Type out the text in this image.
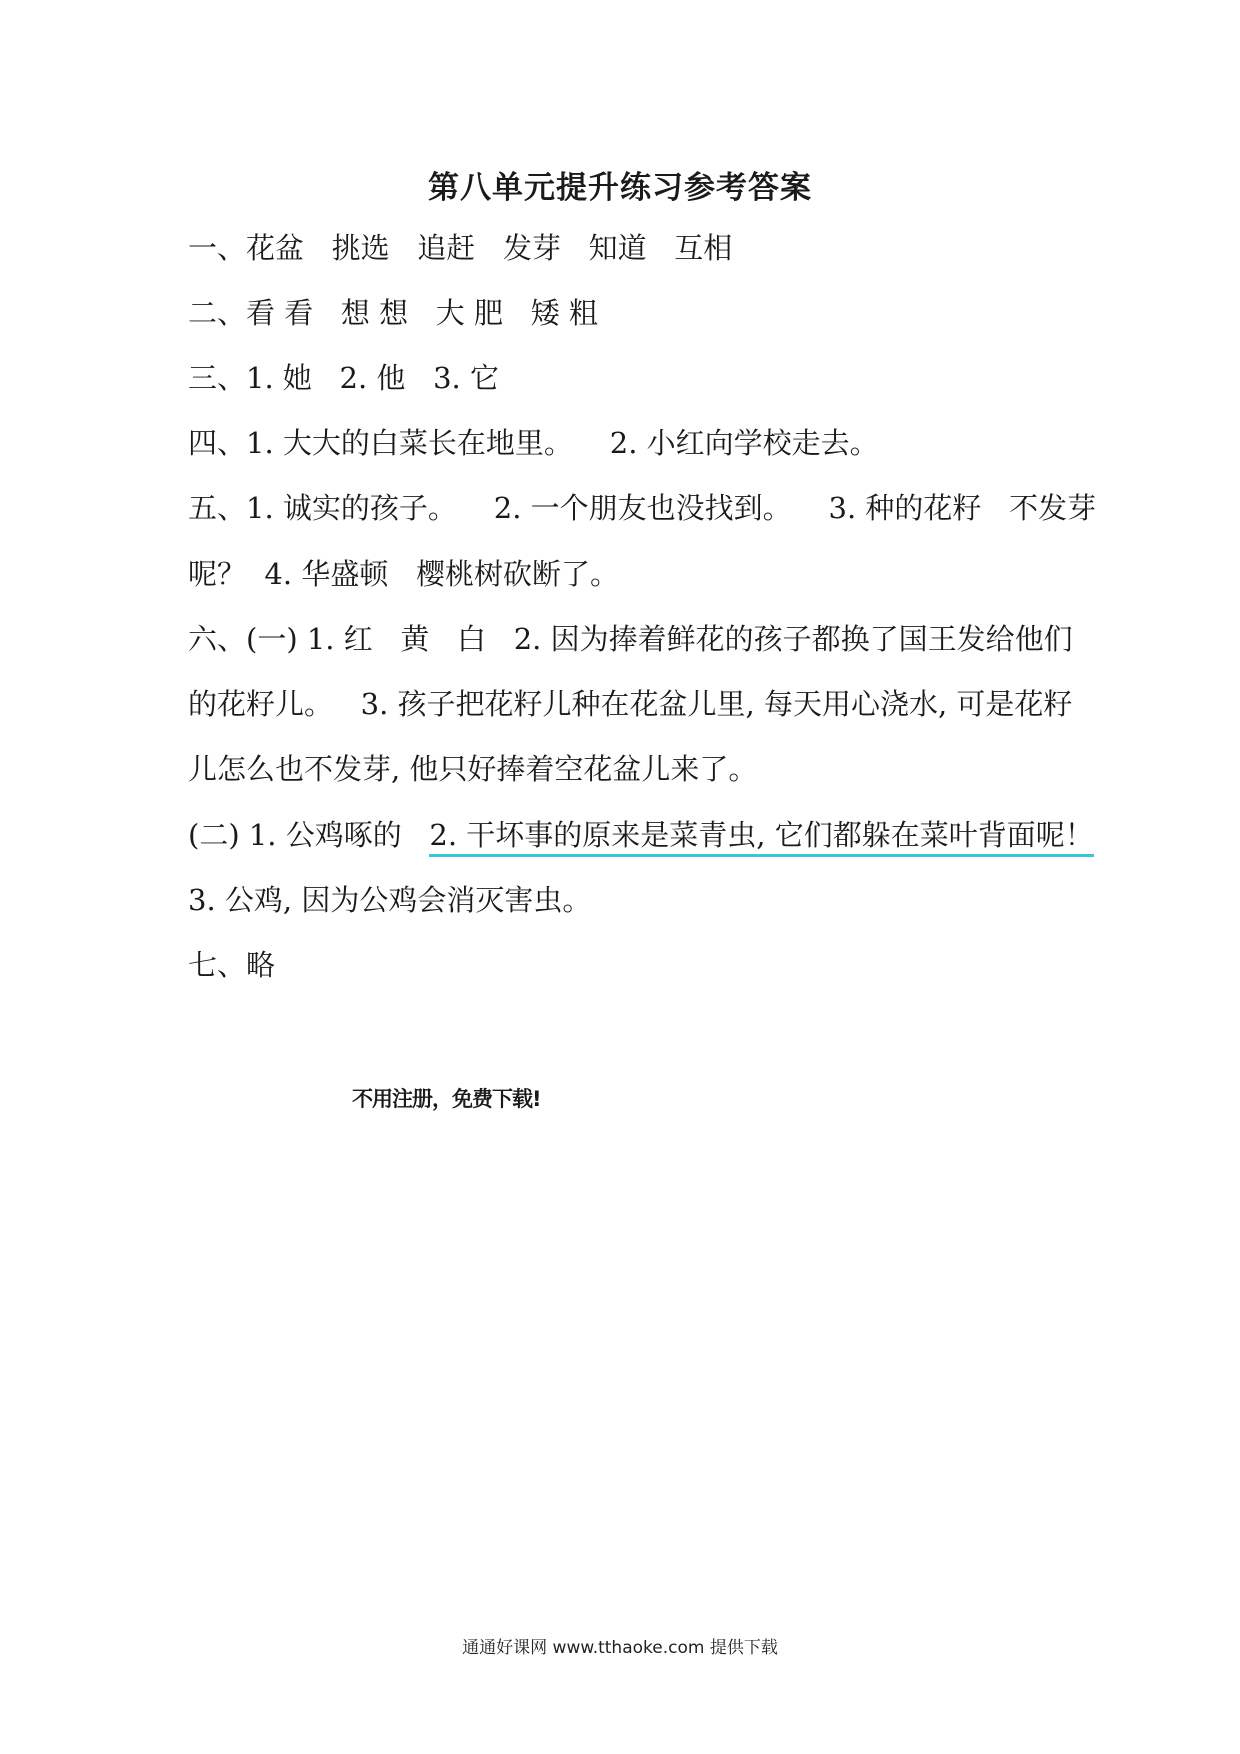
第八单元提升练习参考答案
一、花盆   挑选   追赶   发芽   知道   互相
二、看 看   想 想   大 肥   矮 粗
三、1. 她   2. 他   3. 它
四、1. 大大的白菜长在地里。    2. 小红向学校走去。
五、1. 诚实的孩子。    2. 一个朋友也没找到。    3. 种的花籽   不发芽
呢？  4. 华盛顿   樱桃树砍断了。
六、(一) 1. 红   黄   白   2. 因为捧着鲜花的孩子都换了国王发给他们
的花籽儿。   3. 孩子把花籽儿种在花盆儿里, 每天用心浇水, 可是花籽
儿怎么也不发芽, 他只好捧着空花盆儿来了。
(二) 1. 公鸡啄的   2. 干坏事的原来是菜青虫, 它们都躲在菜叶背面呢！
3. 公鸡, 因为公鸡会消灭害虫。
七、略
不用注册，免费下载!
通通好课网 www.tthaoke.com 提供下载
